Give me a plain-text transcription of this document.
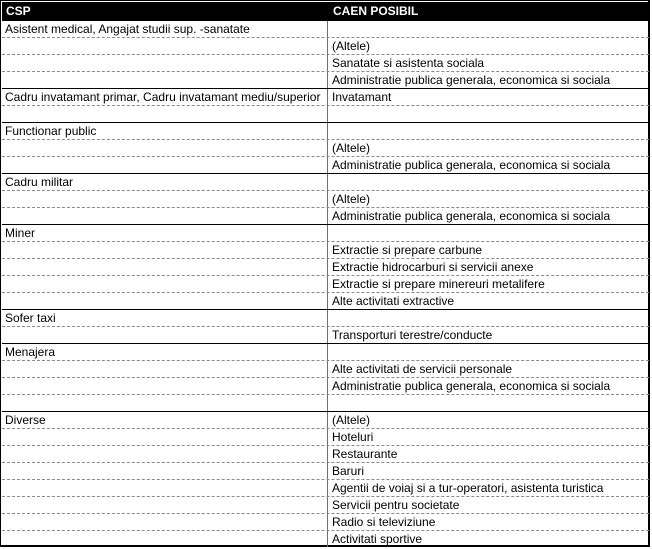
CSP	CAEN POSIBIL
Asistent medical, Angajat studii sup. -sanatate
(Altele)
Sanatate si asistenta sociala
Administratie publica generala, economica si sociala
Cadru invatamant primar, Cadru invatamant mediu/superior Invatamant
Functionar public
(Altele)
Administratie publica generala, economica si sociala
Cadru militar
(Altele)
Administratie publica generala, economica si sociala
Miner
Extractie si prepare carbune
Extractie hidrocarburi si servicii anexe
Extractie si prepare minereuri metalifere
Alte activitati extractive
Sofer taxi
Transporturi terestre/conducte
Menajera
Alte activitati de servicii personale
Administratie publica generala, economica si sociala
Diverse	(Altele)
Hoteluri
Restaurante
Baruri
Agentii de voiaj si a tur-operatori, asistenta turistica
Servicii pentru societate
Radio si televiziune
Activitati sportive
